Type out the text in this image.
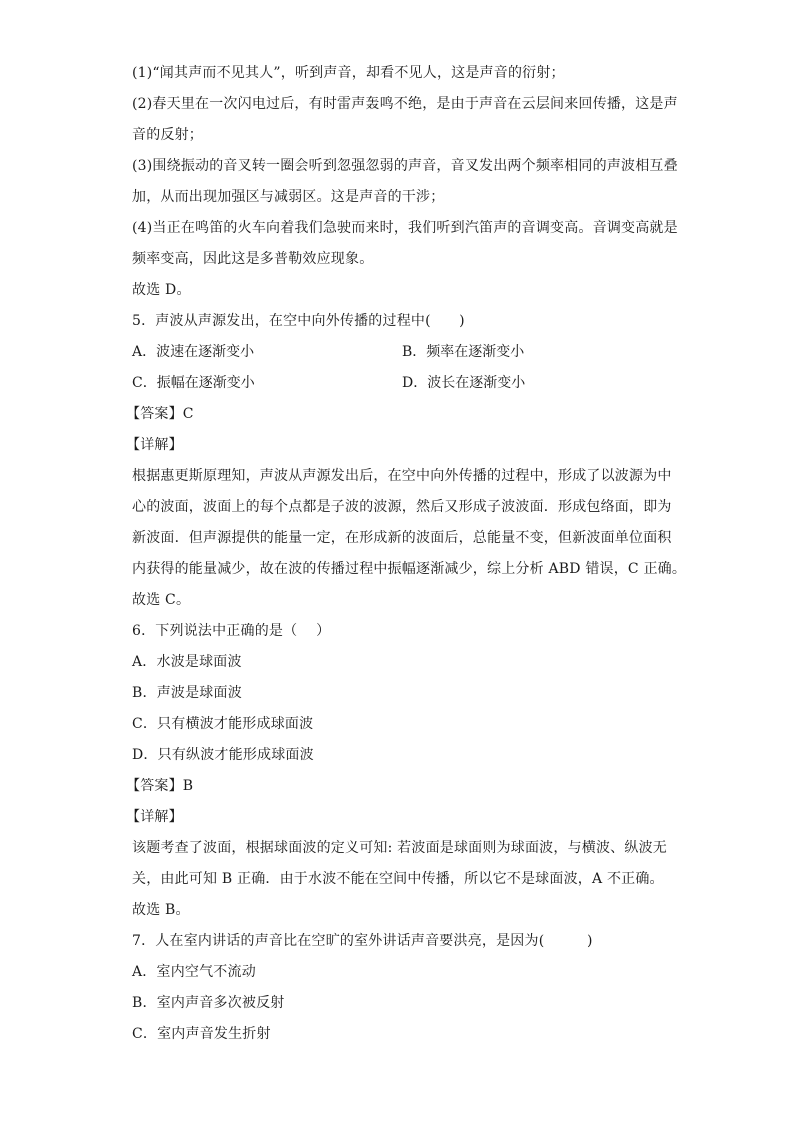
(1)“闻其声而不见其人”，听到声音，却看不见人，这是声音的衍射；
(2)春天里在一次闪电过后，有时雷声轰鸣不绝，是由于声音在云层间来回传播，这是声
音的反射；
(3)围绕振动的音叉转一圈会听到忽强忽弱的声音，音叉发出两个频率相同的声波相互叠
加，从而出现加强区与减弱区。这是声音的干涉；
(4)当正在鸣笛的火车向着我们急驶而来时，我们听到汽笛声的音调变高。音调变高就是
频率变高，因此这是多普勒效应现象。
故选 D。
5．声波从声源发出，在空中向外传播的过程中(　　)
A．波速在逐渐变小	B．频率在逐渐变小
C．振幅在逐渐变小	D．波长在逐渐变小
【答案】C
【详解】
根据惠更斯原理知，声波从声源发出后，在空中向外传播的过程中，形成了以波源为中
心的波面，波面上的每个点都是子波的波源，然后又形成子波波面．形成包络面，即为
新波面．但声源提供的能量一定，在形成新的波面后，总能量不变，但新波面单位面积
内获得的能量减少，故在波的传播过程中振幅逐渐减少，综上分析 ABD 错误，C 正确。
故选 C。
6．下列说法中正确的是（　 ）
A．水波是球面波
B．声波是球面波
C．只有横波才能形成球面波
D．只有纵波才能形成球面波
【答案】B
【详解】
该题考查了波面，根据球面波的定义可知: 若波面是球面则为球面波，与横波、纵波无
关，由此可知 B 正确．由于水波不能在空间中传播，所以它不是球面波，A 不正确。
故选 B。
7．人在室内讲话的声音比在空旷的室外讲话声音要洪亮，是因为(　　　)
A．室内空气不流动
B．室内声音多次被反射
C．室内声音发生折射
